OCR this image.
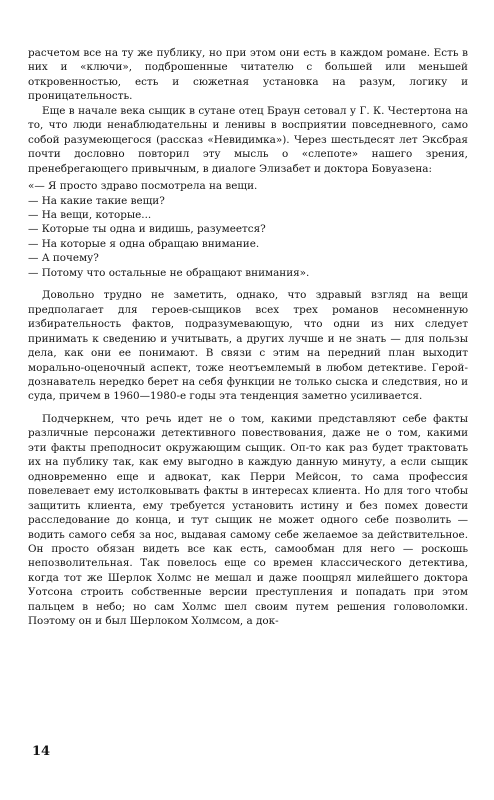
расчетом все на ту же публику, но при этом они есть в каждом романе. Есть в них и «ключи», подброшенные читателю с большей или меньшей откровенностью, есть и сюжетная установка на разум, логику и проницательность.

Еще в начале века сыщик в сутане отец Браун сетовал у Г. К. Честертона на то, что люди ненаблюдательны и ленивы в восприятии повседневного, само собой разумеющегося (рассказ «Невидимка»). Через шестьдесят лет Эксбрая почти дословно повторил эту мысль о «слепоте» нашего зрения, пренебрегающего привычным, в диалоге Элизабет и доктора Бовуазена:

«— Я просто здраво посмотрела на вещи.
— На какие такие вещи?
— На вещи, которые...
— Которые ты одна и видишь, разумеется?
— На которые я одна обращаю внимание.
— А почему?
— Потому что остальные не обращают внимания».

Довольно трудно не заметить, однако, что здравый взгляд на вещи предполагает для героев-сыщиков всех трех романов несомненную избирательность фактов, подразумевающую, что одни из них следует принимать к сведению и учитывать, а других лучше и не знать — для пользы дела, как они ее понимают. В связи с этим на передний план выходит морально-оценочный аспект, тоже неотъемлемый в любом детективе. Герой-дознаватель нередко берет на себя функции не только сыска и следствия, но и суда, причем в 1960—1980-е годы эта тенденция заметно усиливается.

Подчеркнем, что речь идет не о том, какими представляют себе факты различные персонажи детективного повествования, даже не о том, какими эти факты преподносит окружающим сыщик. Оп-то как раз будет трактовать их на публику так, как ему выгодно в каждую данную минуту, а если сыщик одновременно еще и адвокат, как Перри Мейсон, то сама профессия повелевает ему истолковывать факты в интересах клиента. Но для того чтобы защитить клиента, ему требуется установить истину и без помех довести расследование до конца, и тут сыщик не может одного себе позволить — водить самого себя за нос, выдавая самому себе желаемое за действительное. Он просто обязан видеть все как есть, самообман для него — роскошь непозволительная. Так повелось еще со времен классического детектива, когда тот же Шерлок Холмс не мешал и даже поощрял милейшего доктора Уотсона строить собственные версии преступления и попадать при этом пальцем в небо; но сам Холмс шел своим путем решения головоломки. Поэтому он и был Шерлоком Холмсом, а док-

14
